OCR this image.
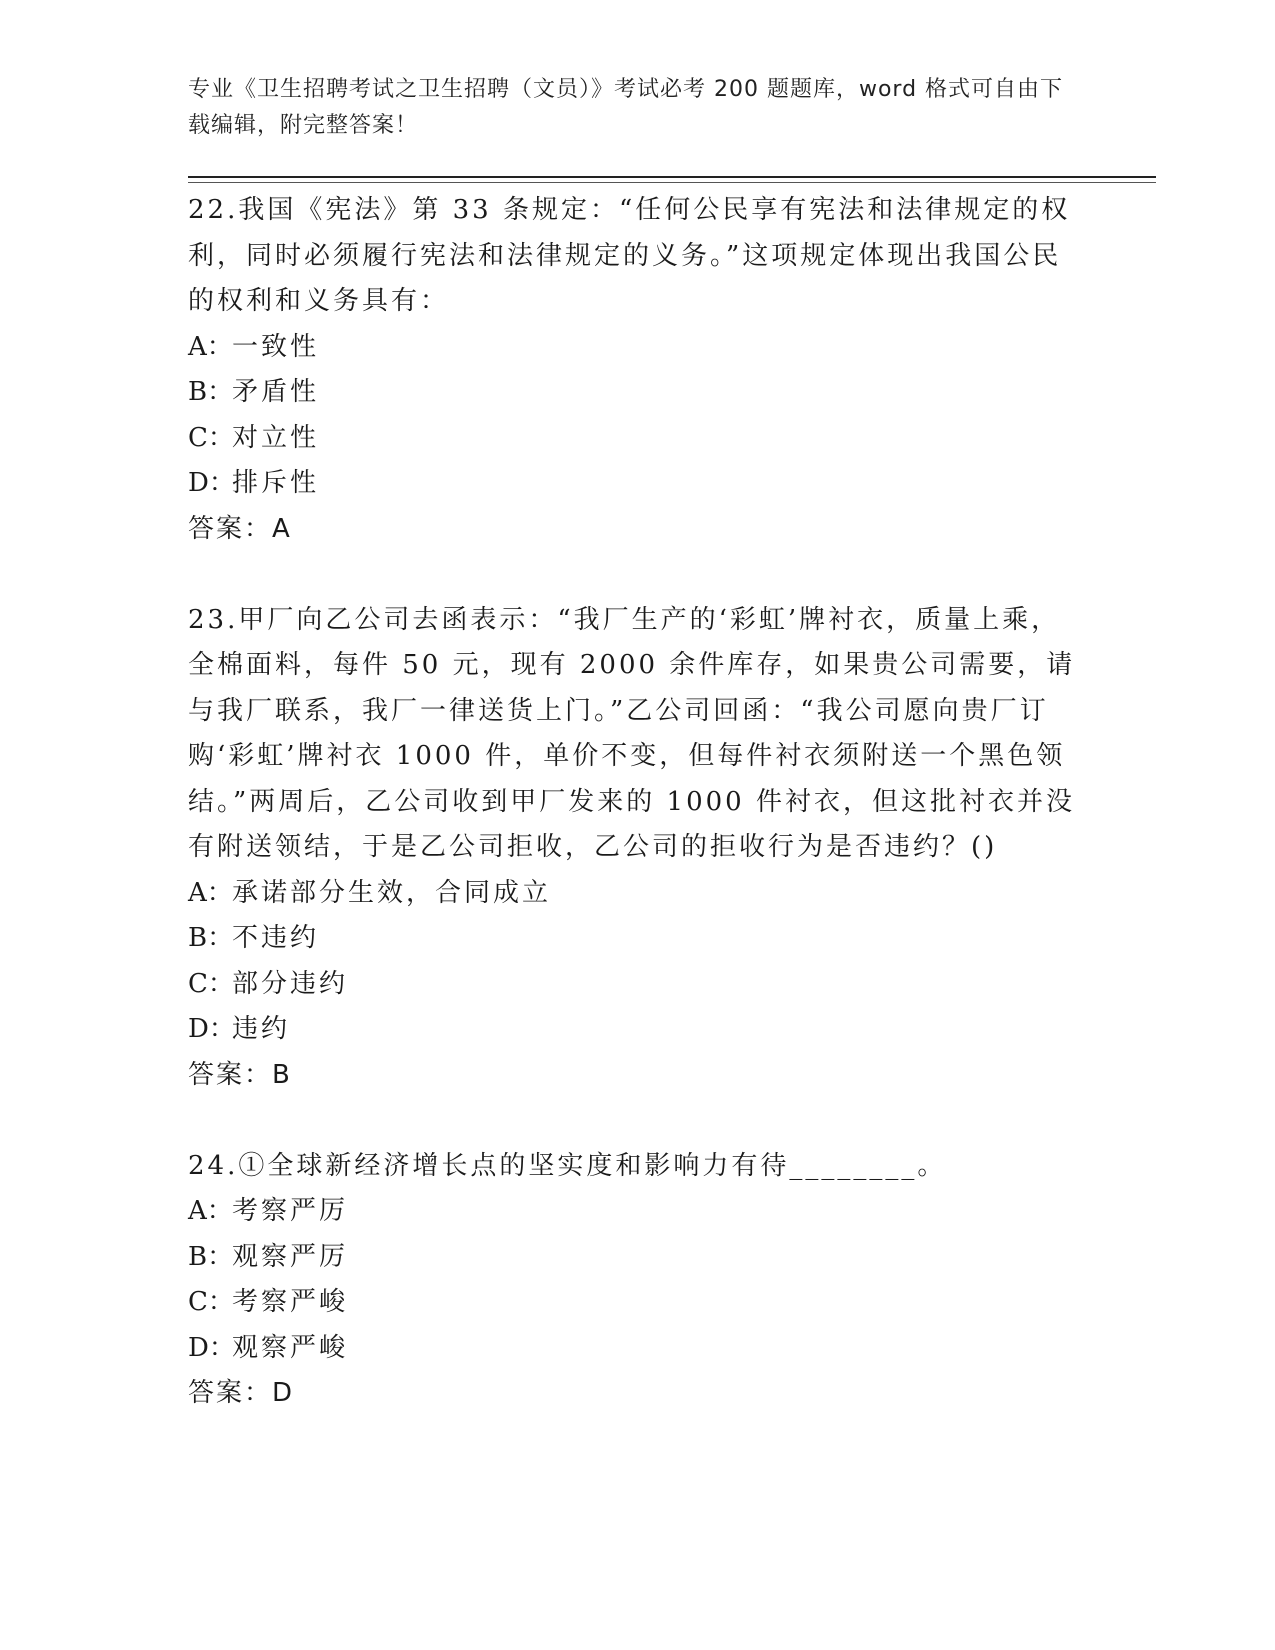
专业《卫生招聘考试之卫生招聘（文员）》考试必考 200 题题库，word 格式可自由下载编辑，附完整答案！

22.我国《宪法》第 33 条规定：“任何公民享有宪法和法律规定的权利，同时必须履行宪法和法律规定的义务。”这项规定体现出我国公民的权利和义务具有：

A：一致性

B：矛盾性

C：对立性

D：排斥性

答案：A

23.甲厂向乙公司去函表示：“我厂生产的‘彩虹’牌衬衣，质量上乘，全棉面料，每件 50 元，现有 2000 余件库存，如果贵公司需要，请与我厂联系，我厂一律送货上门。”乙公司回函：“我公司愿向贵厂订购‘彩虹’牌衬衣 1000 件，单价不变，但每件衬衣须附送一个黑色领结。”两周后，乙公司收到甲厂发来的 1000 件衬衣，但这批衬衣并没有附送领结，于是乙公司拒收，乙公司的拒收行为是否违约？()

A：承诺部分生效，合同成立

B：不违约

C：部分违约

D：违约

答案：B

24.①全球新经济增长点的坚实度和影响力有待________。

A：考察严厉

B：观察严厉

C：考察严峻

D：观察严峻

答案：D
